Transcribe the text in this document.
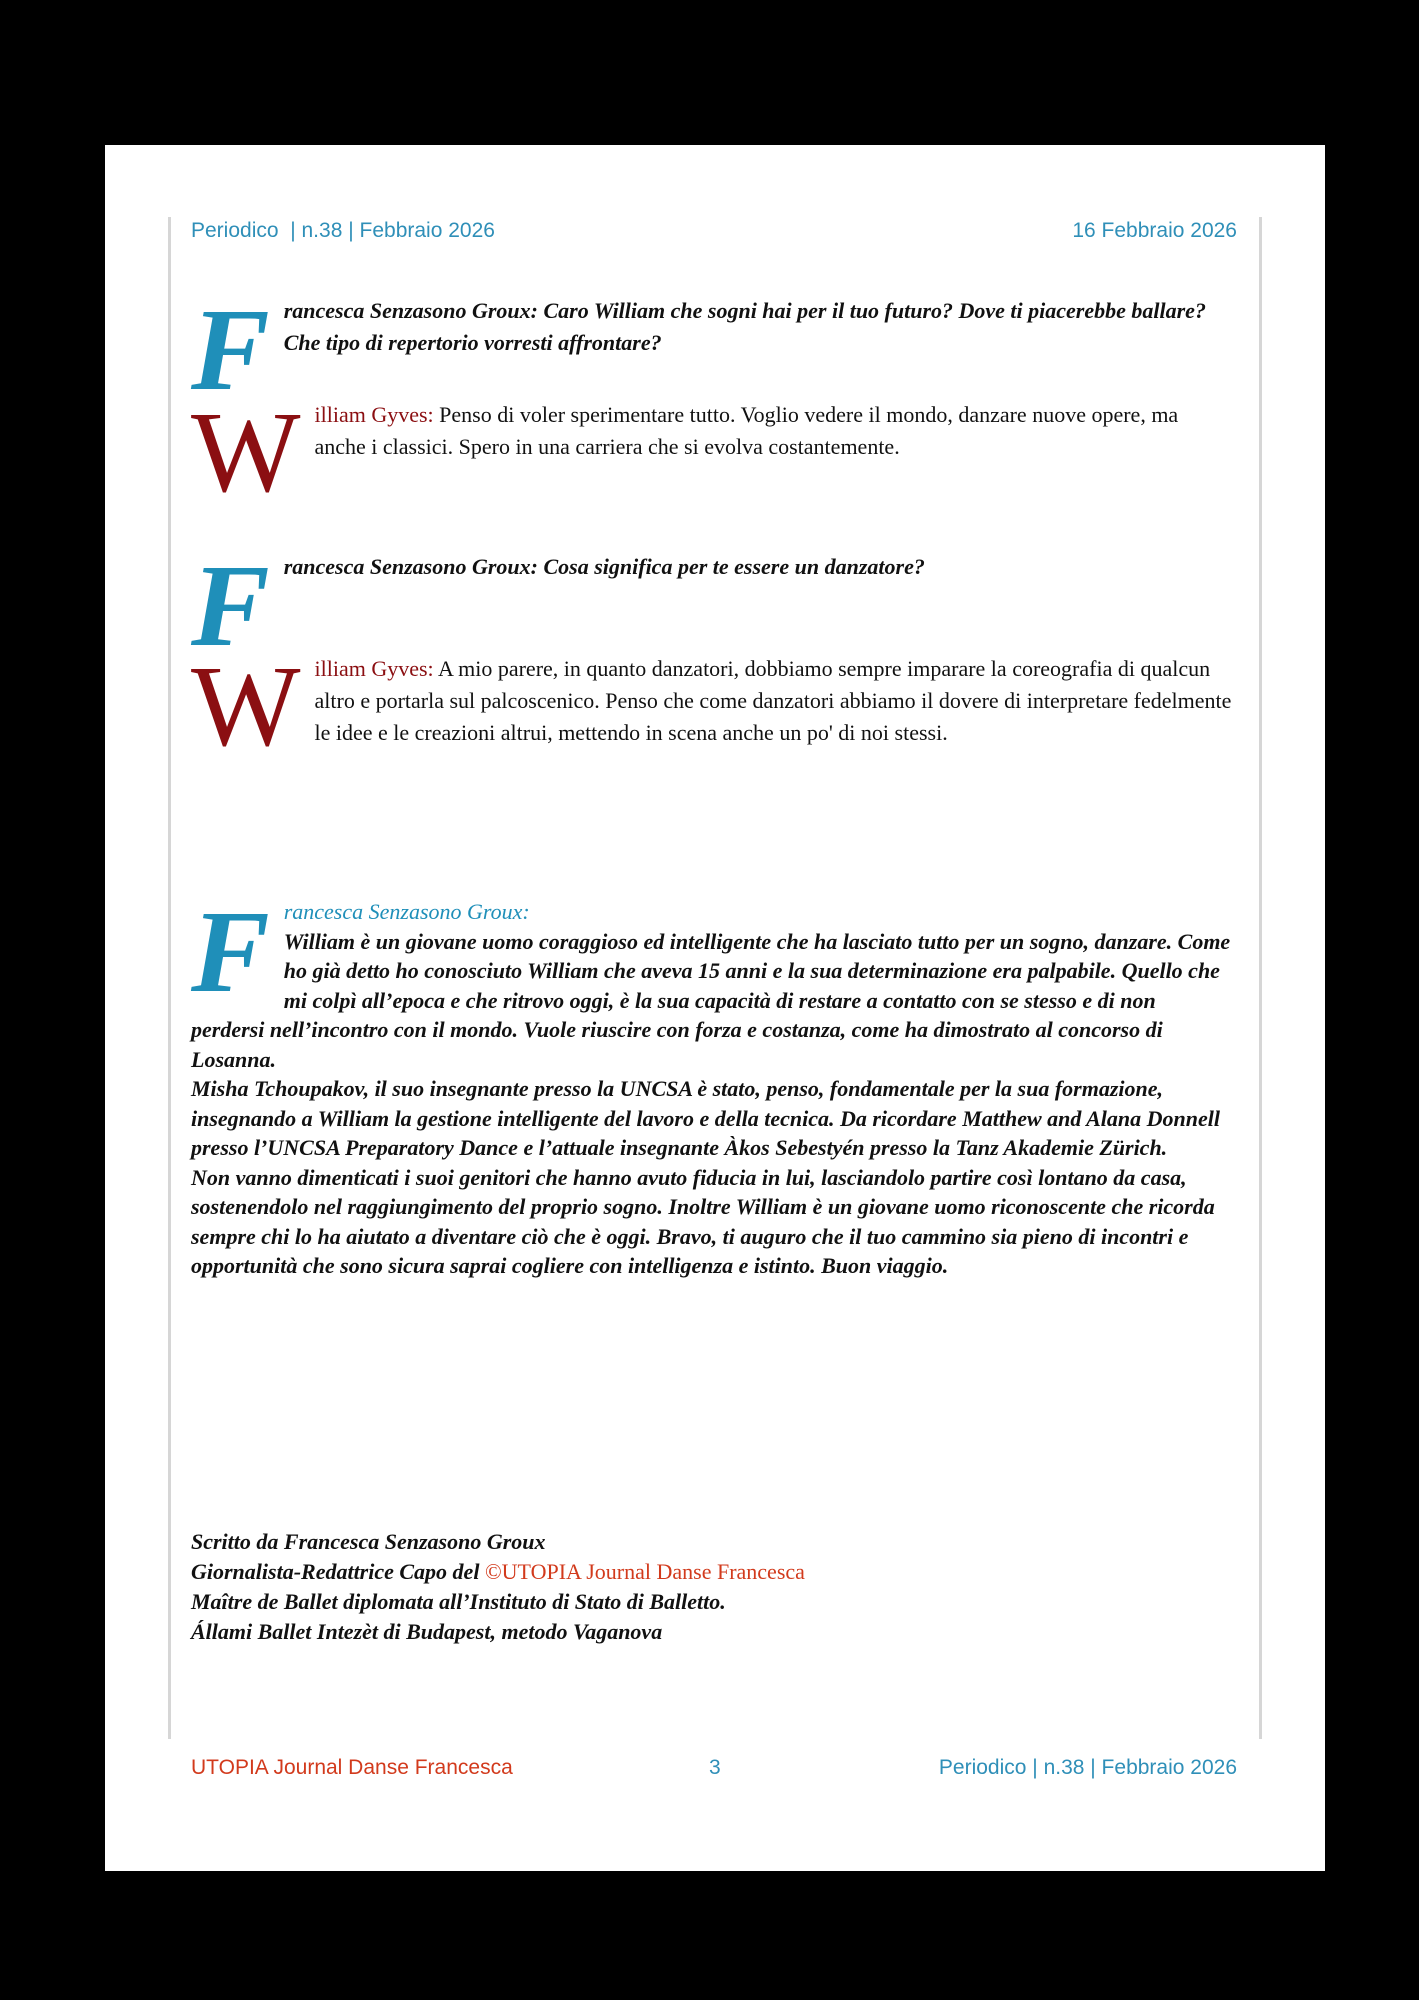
Periodico  | n.38 | Febbraio 2026	16 Febbraio 2026
F rancesca Senzasono Groux: Caro William che sogni hai per il tuo futuro? Dove ti piacerebbe ballare? Che tipo di repertorio vorresti affrontare?
W illiam Gyves: Penso di voler sperimentare tutto. Voglio vedere il mondo, danzare nuove opere, ma anche i classici. Spero in una carriera che si evolva costantemente.
F rancesca Senzasono Groux: Cosa significa per te essere un danzatore?
W illiam Gyves: A mio parere, in quanto danzatori, dobbiamo sempre imparare la coreografia di qualcun altro e portarla sul palcoscenico. Penso che come danzatori abbiamo il dovere di interpretare fedelmente le idee e le creazioni altrui, mettendo in scena anche un po' di noi stessi.
F rancesca Senzasono Groux:
William è un giovane uomo coraggioso ed intelligente che ha lasciato tutto per un sogno, danzare. Come ho già detto ho conosciuto William che aveva 15 anni e la sua determinazione era palpabile. Quello che mi colpì all’epoca e che ritrovo oggi, è la sua capacità di restare a contatto con se stesso e di non perdersi nell’incontro con il mondo. Vuole riuscire con forza e costanza, come ha dimostrato al concorso di Losanna.
Misha Tchoupakov, il suo insegnante presso la UNCSA è stato, penso, fondamentale per la sua formazione, insegnando a William la gestione intelligente del lavoro e della tecnica. Da ricordare Matthew and Alana Donnell presso l’UNCSA Preparatory Dance e l’attuale insegnante Àkos Sebestyén presso la Tanz Akademie Zürich.
Non vanno dimenticati i suoi genitori che hanno avuto fiducia in lui, lasciandolo partire così lontano da casa, sostenendolo nel raggiungimento del proprio sogno. Inoltre William è un giovane uomo riconoscente che ricorda sempre chi lo ha aiutato a diventare ciò che è oggi. Bravo, ti auguro che il tuo cammino sia pieno di incontri e opportunità che sono sicura saprai cogliere con intelligenza e istinto. Buon viaggio.
Scritto da Francesca Senzasono Groux
Giornalista-Redattrice Capo del ©UTOPIA Journal Danse Francesca
Maître de Ballet diplomata all’Instituto di Stato di Balletto.
Állami Ballet Intezèt di Budapest, metodo Vaganova
UTOPIA Journal Danse Francesca	3	Periodico | n.38 | Febbraio 2026
